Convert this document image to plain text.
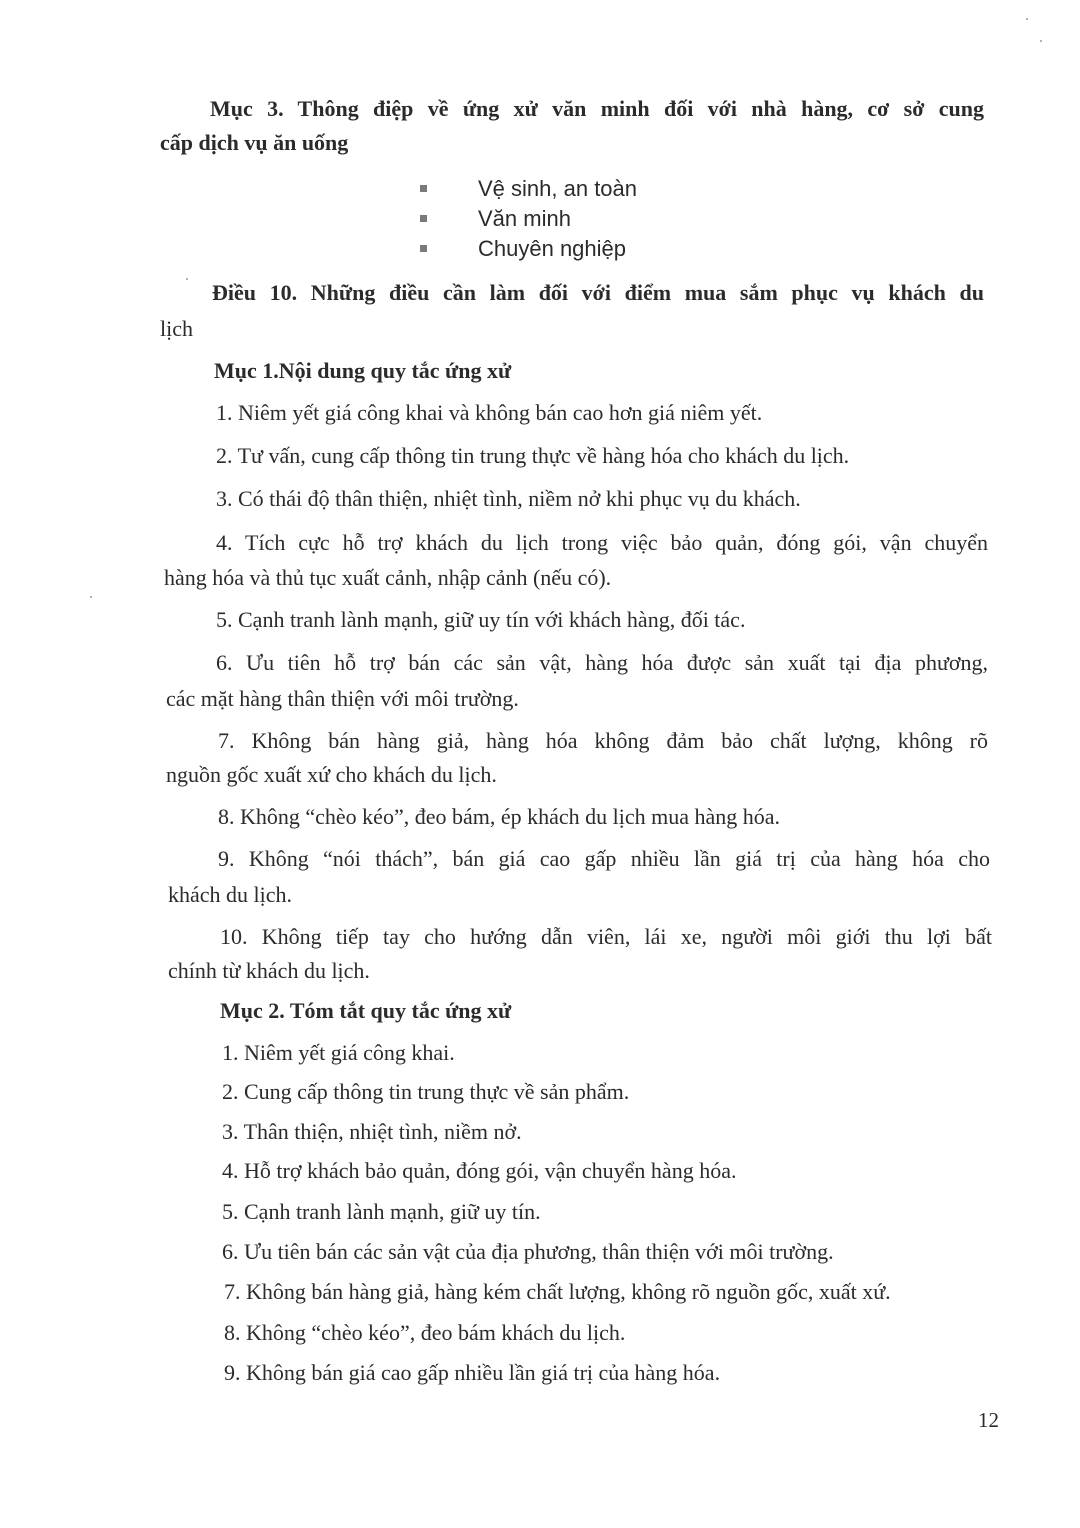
Mục 3. Thông điệp về ứng xử văn minh đối với nhà hàng, cơ sở cung
cấp dịch vụ ăn uống
Vệ sinh, an toàn
Văn minh
Chuyên nghiệp
Điều 10. Những điều cần làm đối với điểm mua sắm phục vụ khách du
lịch
Mục 1.Nội dung quy tắc ứng xử
1. Niêm yết giá công khai và không bán cao hơn giá niêm yết.
2. Tư vấn, cung cấp thông tin trung thực về hàng hóa cho khách du lịch.
3. Có thái độ thân thiện, nhiệt tình, niềm nở khi phục vụ du khách.
4. Tích cực hỗ trợ khách du lịch trong việc bảo quản, đóng gói, vận chuyển
hàng hóa và thủ tục xuất cảnh, nhập cảnh (nếu có).
5. Cạnh tranh lành mạnh, giữ uy tín với khách hàng, đối tác.
6. Ưu tiên hỗ trợ bán các sản vật, hàng hóa được sản xuất tại địa phương,
các mặt hàng thân thiện với môi trường.
7. Không bán hàng giả, hàng hóa không đảm bảo chất lượng, không rõ
nguồn gốc xuất xứ cho khách du lịch.
8. Không “chèo kéo”, đeo bám, ép khách du lịch mua hàng hóa.
9. Không “nói thách”, bán giá cao gấp nhiều lần giá trị của hàng hóa cho
khách du lịch.
10. Không tiếp tay cho hướng dẫn viên, lái xe, người môi giới thu lợi bất
chính từ khách du lịch.
Mục 2. Tóm tắt quy tắc ứng xử
1. Niêm yết giá công khai.
2. Cung cấp thông tin trung thực về sản phẩm.
3. Thân thiện, nhiệt tình, niềm nở.
4. Hỗ trợ khách bảo quản, đóng gói, vận chuyển hàng hóa.
5. Cạnh tranh lành mạnh, giữ uy tín.
6. Ưu tiên bán các sản vật của địa phương, thân thiện với môi trường.
7. Không bán hàng giả, hàng kém chất lượng, không rõ nguồn gốc, xuất xứ.
8. Không “chèo kéo”, đeo bám khách du lịch.
9. Không bán giá cao gấp nhiều lần giá trị của hàng hóa.
12
